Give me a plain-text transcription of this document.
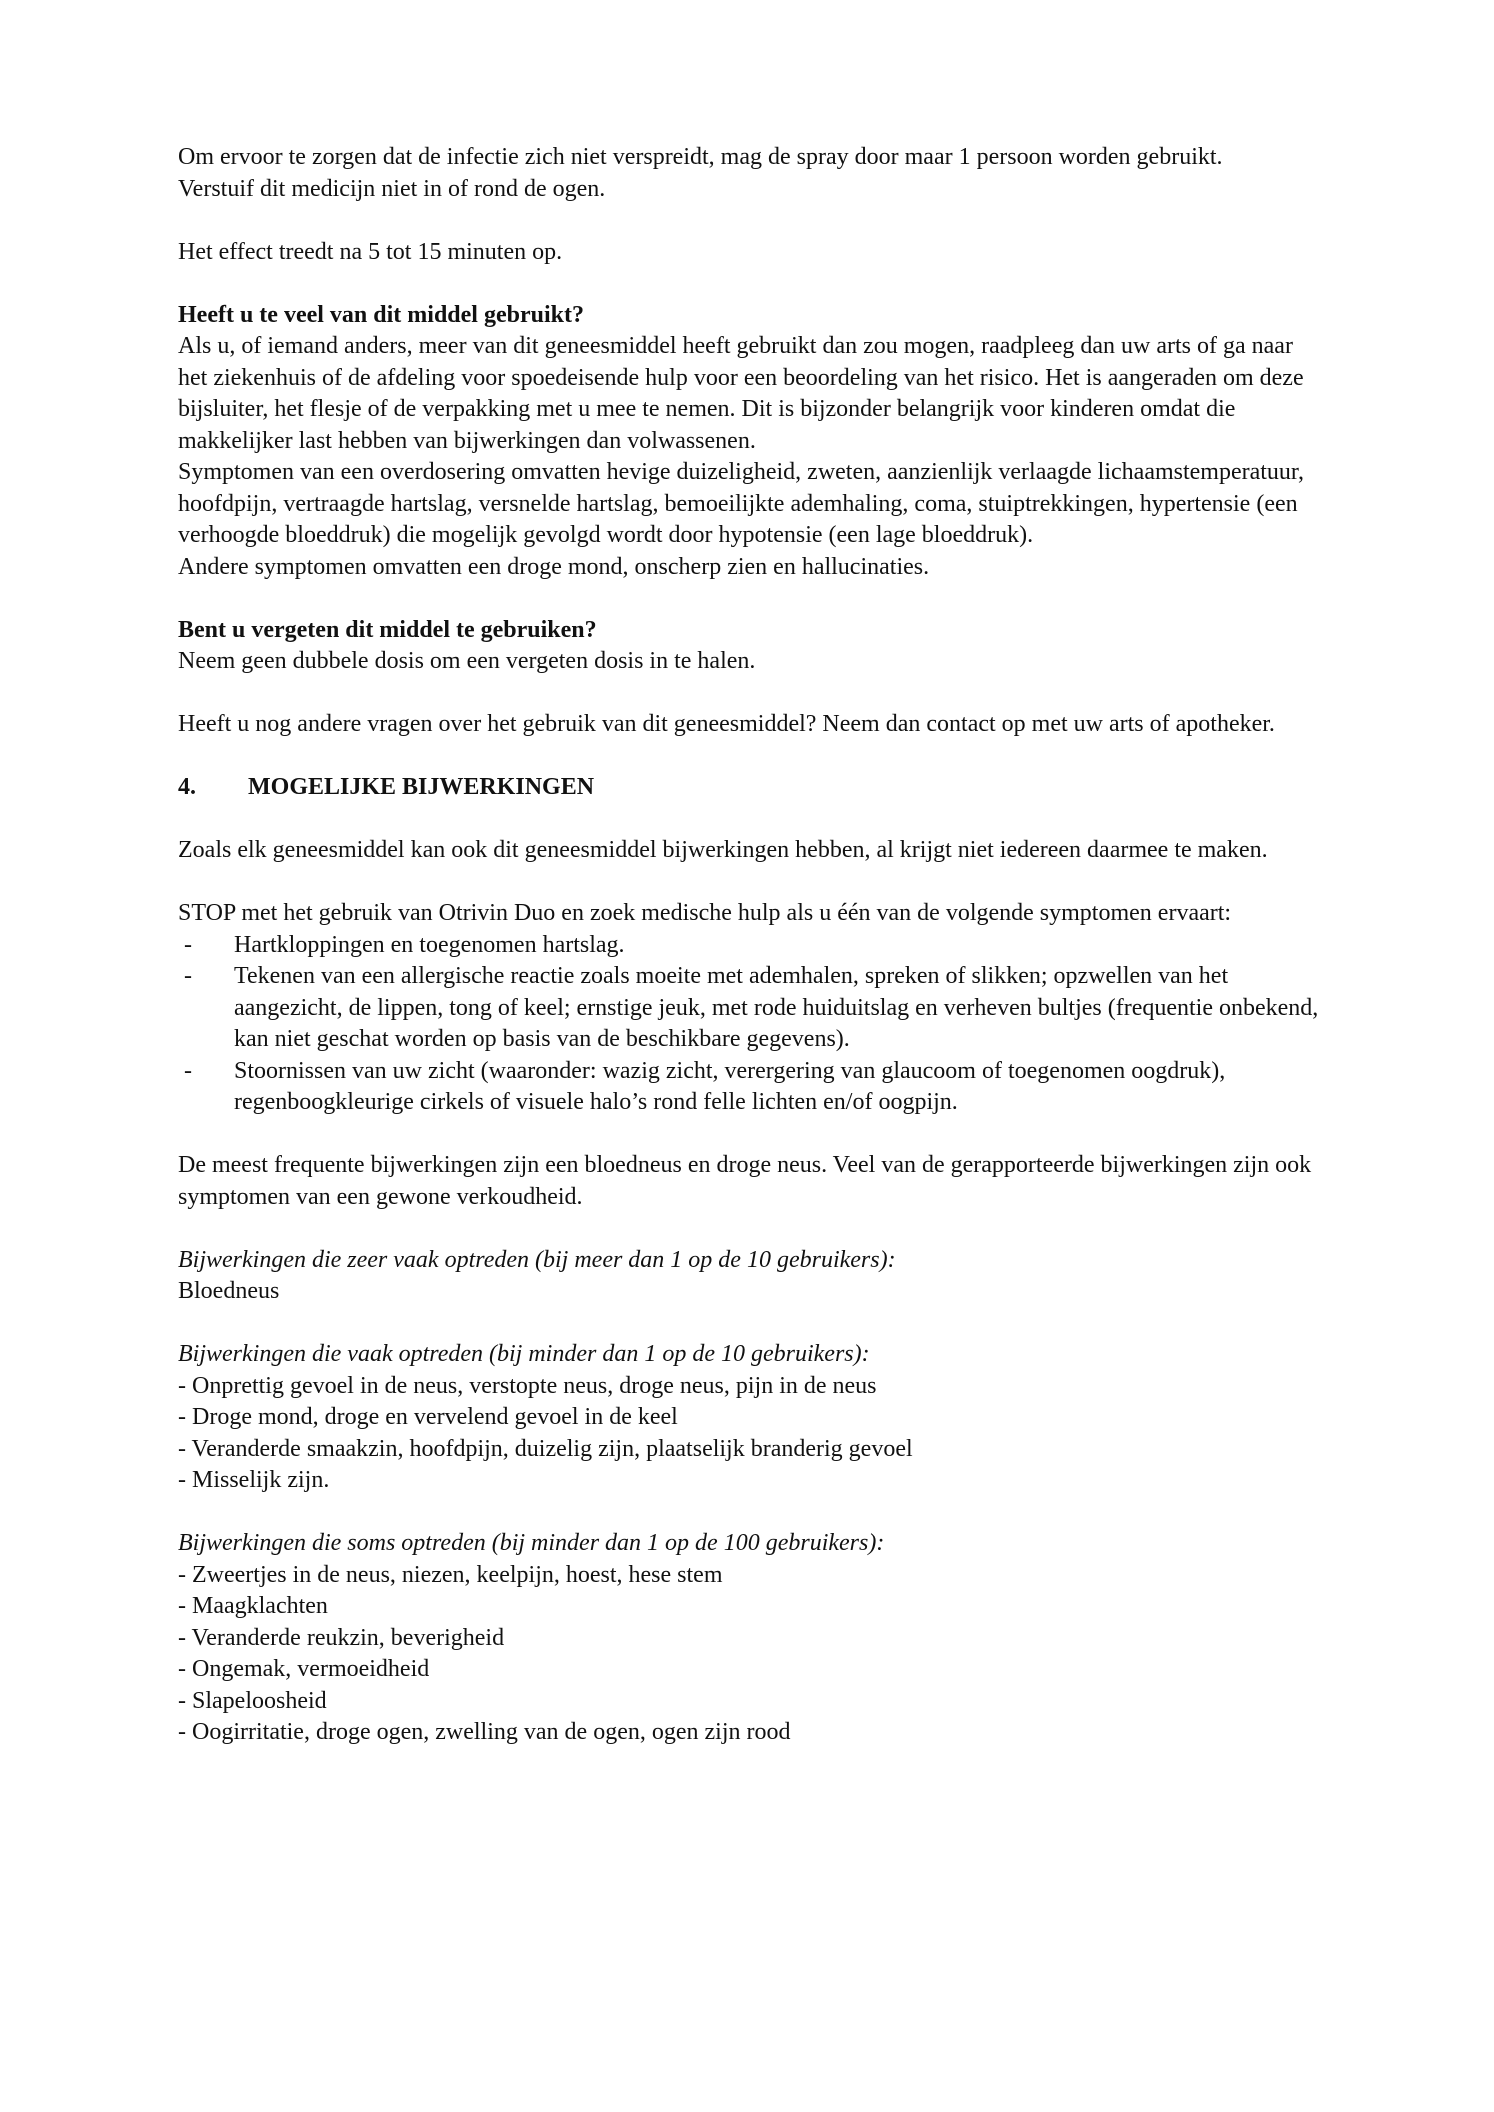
Om ervoor te zorgen dat de infectie zich niet verspreidt, mag de spray door maar 1 persoon worden gebruikt.

Verstuif dit medicijn niet in of rond de ogen.

Het effect treedt na 5 tot 15 minuten op.

Heeft u te veel van dit middel gebruikt?

Als u, of iemand anders, meer van dit geneesmiddel heeft gebruikt dan zou mogen, raadpleeg dan uw arts of ga naar het ziekenhuis of de afdeling voor spoedeisende hulp voor een beoordeling van het risico. Het is aangeraden om deze bijsluiter, het flesje of de verpakking met u mee te nemen. Dit is bijzonder belangrijk voor kinderen omdat die makkelijker last hebben van bijwerkingen dan volwassenen.

Symptomen van een overdosering omvatten hevige duizeligheid, zweten, aanzienlijk verlaagde lichaamstemperatuur, hoofdpijn, vertraagde hartslag, versnelde hartslag, bemoeilijkte ademhaling, coma, stuiptrekkingen, hypertensie (een verhoogde bloeddruk) die mogelijk gevolgd wordt door hypotensie (een lage bloeddruk).

Andere symptomen omvatten een droge mond, onscherp zien en hallucinaties.

Bent u vergeten dit middel te gebruiken?

Neem geen dubbele dosis om een vergeten dosis in te halen.

Heeft u nog andere vragen over het gebruik van dit geneesmiddel? Neem dan contact op met uw arts of apotheker.

4.	MOGELIJKE BIJWERKINGEN

Zoals elk geneesmiddel kan ook dit geneesmiddel bijwerkingen hebben, al krijgt niet iedereen daarmee te maken.

STOP met het gebruik van Otrivin Duo en zoek medische hulp als u één van de volgende symptomen ervaart:

- Hartkloppingen en toegenomen hartslag.
- Tekenen van een allergische reactie zoals moeite met ademhalen, spreken of slikken; opzwellen van het aangezicht, de lippen, tong of keel; ernstige jeuk, met rode huiduitslag en verheven bultjes (frequentie onbekend, kan niet geschat worden op basis van de beschikbare gegevens).
- Stoornissen van uw zicht (waaronder: wazig zicht, verergering van glaucoom of toegenomen oogdruk), regenboogkleurige cirkels of visuele halo’s rond felle lichten en/of oogpijn.

De meest frequente bijwerkingen zijn een bloedneus en droge neus. Veel van de gerapporteerde bijwerkingen zijn ook symptomen van een gewone verkoudheid.

Bijwerkingen die zeer vaak optreden (bij meer dan 1 op de 10 gebruikers):

Bloedneus

Bijwerkingen die vaak optreden (bij minder dan 1 op de 10 gebruikers):

- Onprettig gevoel in de neus, verstopte neus, droge neus, pijn in de neus

- Droge mond, droge en vervelend gevoel in de keel

- Veranderde smaakzin, hoofdpijn, duizelig zijn, plaatselijk branderig gevoel

- Misselijk zijn.

Bijwerkingen die soms optreden (bij minder dan 1 op de 100 gebruikers):

- Zweertjes in de neus, niezen, keelpijn, hoest, hese stem

- Maagklachten

- Veranderde reukzin, beverigheid

- Ongemak, vermoeidheid

- Slapeloosheid

- Oogirritatie, droge ogen, zwelling van de ogen, ogen zijn rood
